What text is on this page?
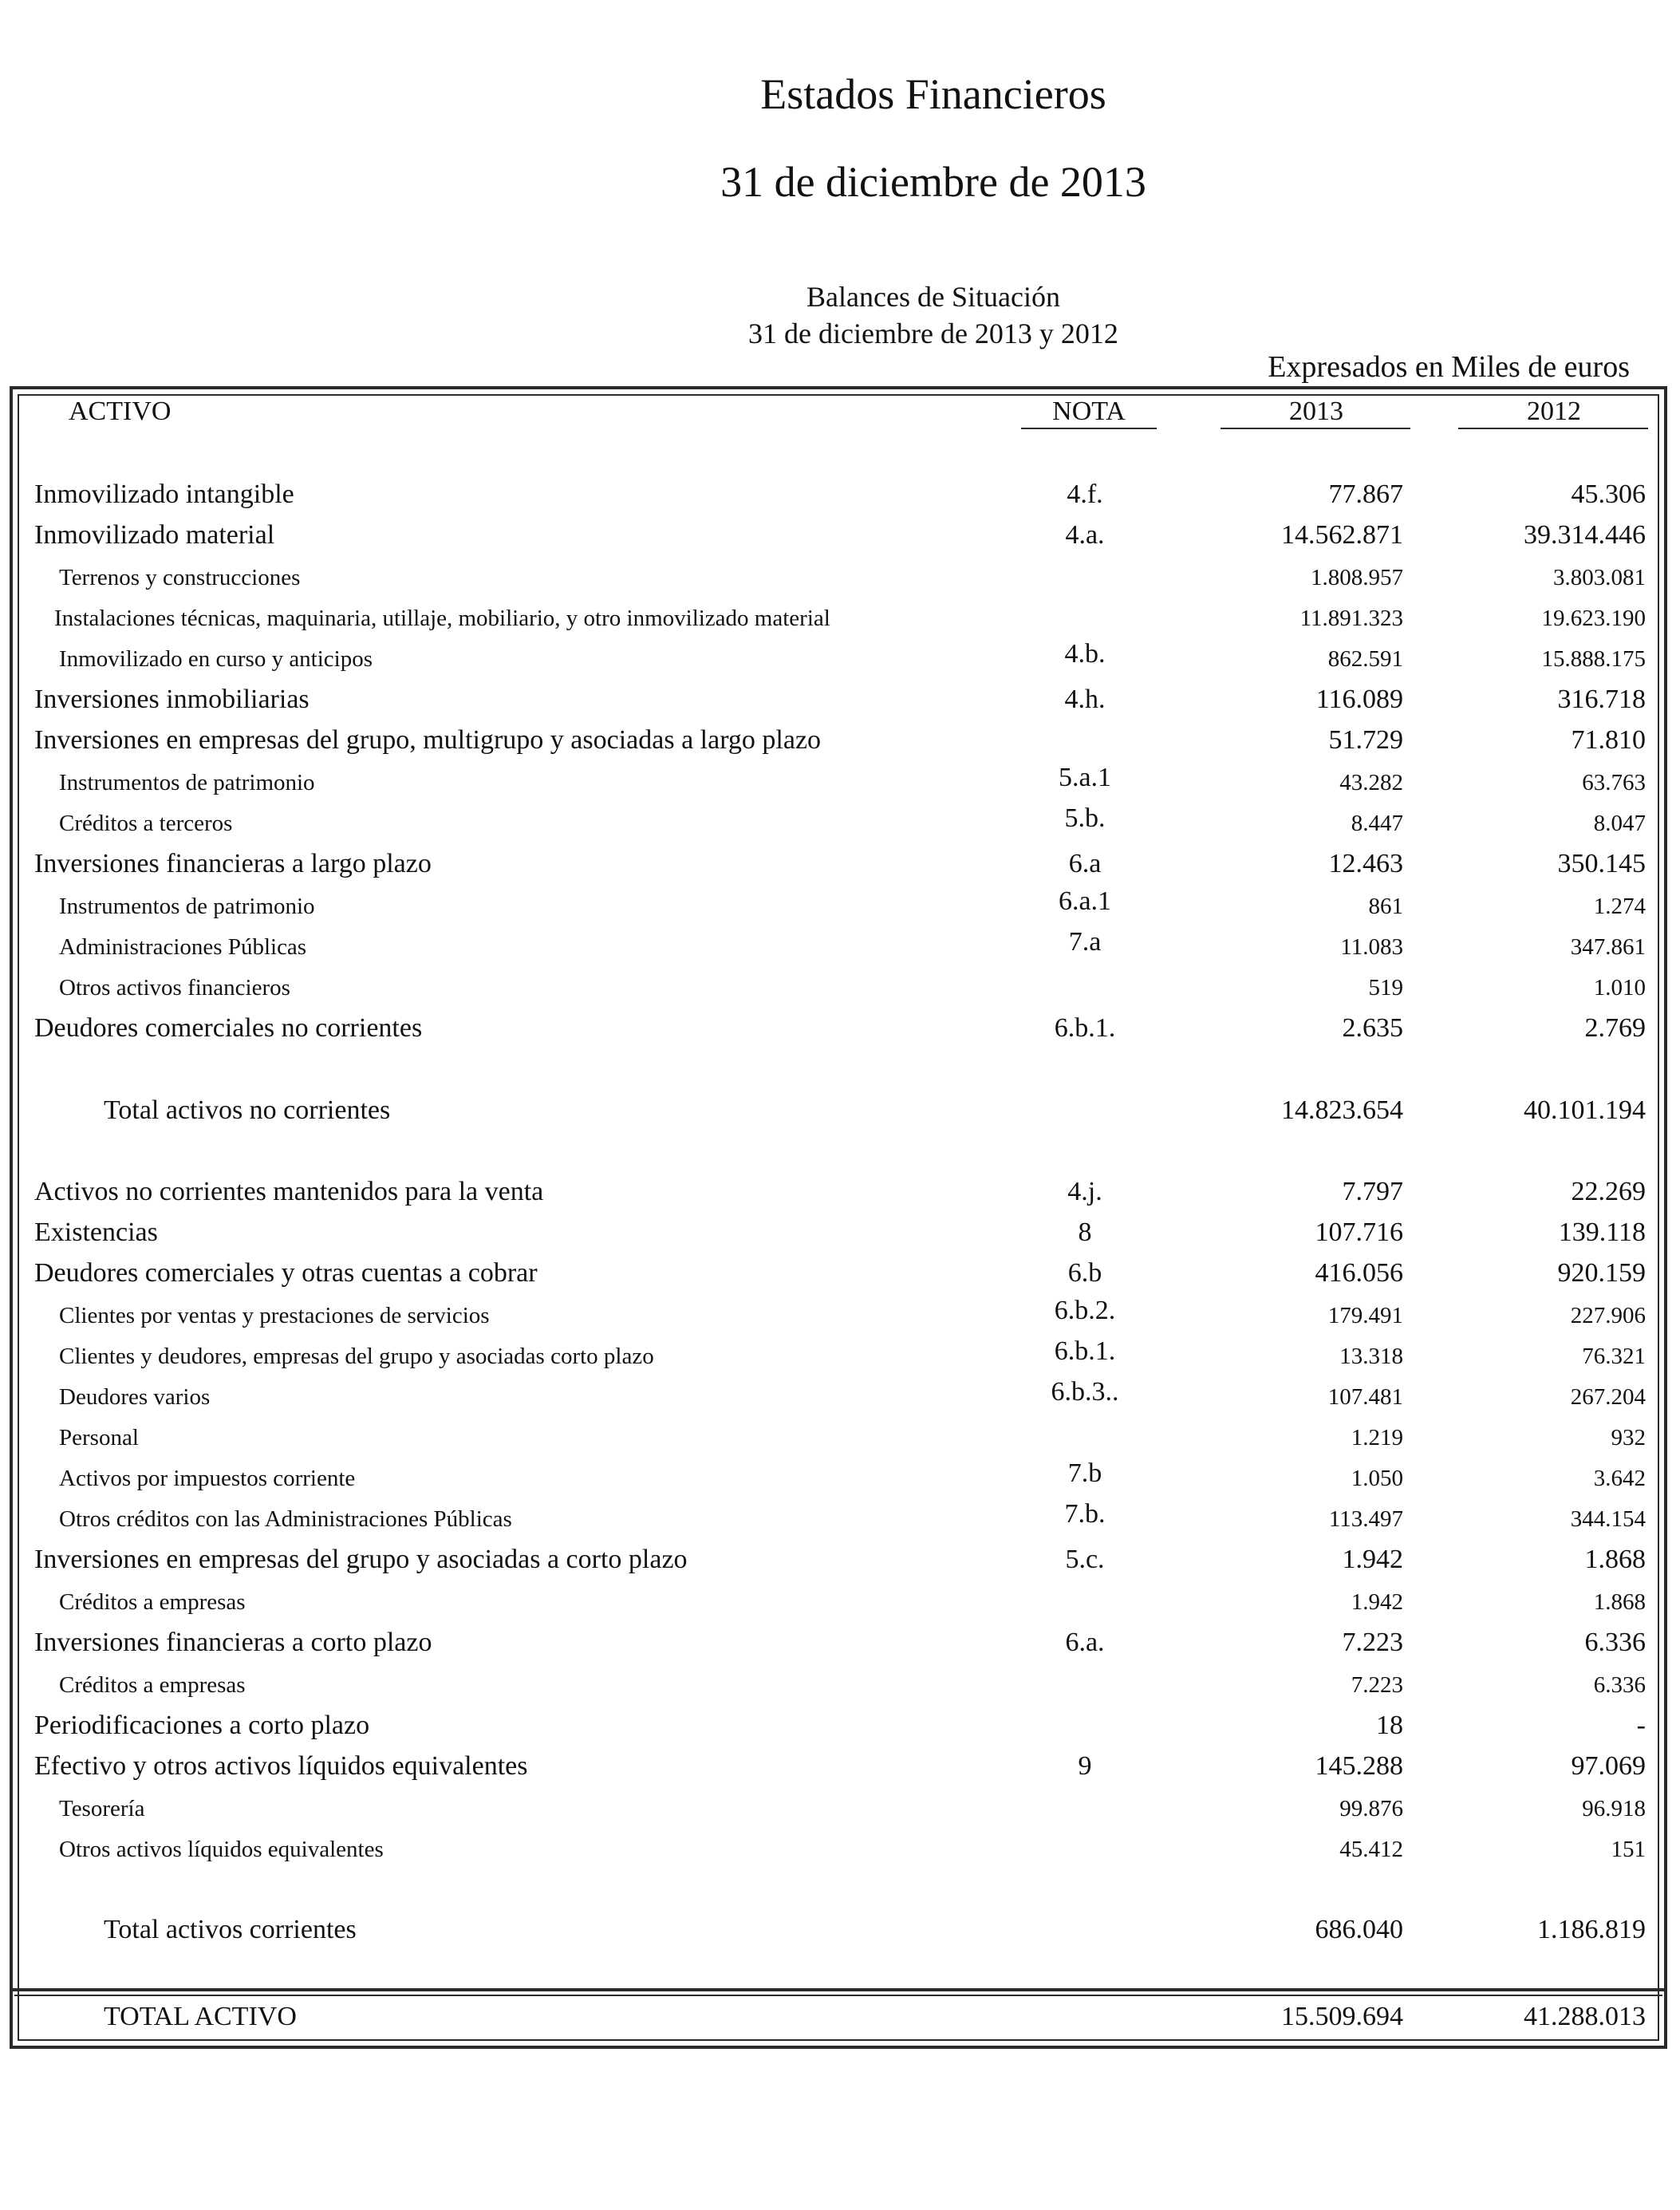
Estados Financieros
31 de diciembre de 2013
Balances de Situación
31 de diciembre de 2013 y 2012
Expresados en Miles de euros
ACTIVO	NOTA	2013	2012
Inmovilizado intangible	4.f.	77.867	45.306
Inmovilizado material	4.a.	14.562.871	39.314.446
Terrenos y construcciones	1.808.957	3.803.081
Instalaciones técnicas, maquinaria, utillaje, mobiliario, y otro inmovilizado material	11.891.323	19.623.190
Inmovilizado en curso y anticipos	4.b.	862.591	15.888.175
Inversiones inmobiliarias	4.h.	116.089	316.718
Inversiones en empresas del grupo, multigrupo y asociadas a largo plazo	51.729	71.810
Instrumentos de patrimonio	5.a.1	43.282	63.763
Créditos a terceros	5.b.	8.447	8.047
Inversiones financieras a largo plazo	6.a	12.463	350.145
Instrumentos de patrimonio	6.a.1	861	1.274
Administraciones Públicas	7.a	11.083	347.861
Otros activos financieros	519	1.010
Deudores comerciales no corrientes	6.b.1.	2.635	2.769
Total activos no corrientes	14.823.654	40.101.194
Activos no corrientes mantenidos para la venta	4.j.	7.797	22.269
Existencias	8	107.716	139.118
Deudores comerciales y otras cuentas a cobrar	6.b	416.056	920.159
Clientes por ventas y prestaciones de servicios	6.b.2.	179.491	227.906
Clientes y deudores, empresas del grupo y asociadas corto plazo	6.b.1.	13.318	76.321
Deudores varios	6.b.3..	107.481	267.204
Personal	1.219	932
Activos por impuestos corriente	7.b	1.050	3.642
Otros créditos con las Administraciones Públicas	7.b.	113.497	344.154
Inversiones en empresas del grupo y asociadas a corto plazo	5.c.	1.942	1.868
Créditos a empresas	1.942	1.868
Inversiones financieras a corto plazo	6.a.	7.223	6.336
Créditos a empresas	7.223	6.336
Periodificaciones a corto plazo	18	-
Efectivo y otros activos líquidos equivalentes	9	145.288	97.069
Tesorería	99.876	96.918
Otros activos líquidos equivalentes	45.412	151
Total activos corrientes	686.040	1.186.819
TOTAL ACTIVO	15.509.694	41.288.013
